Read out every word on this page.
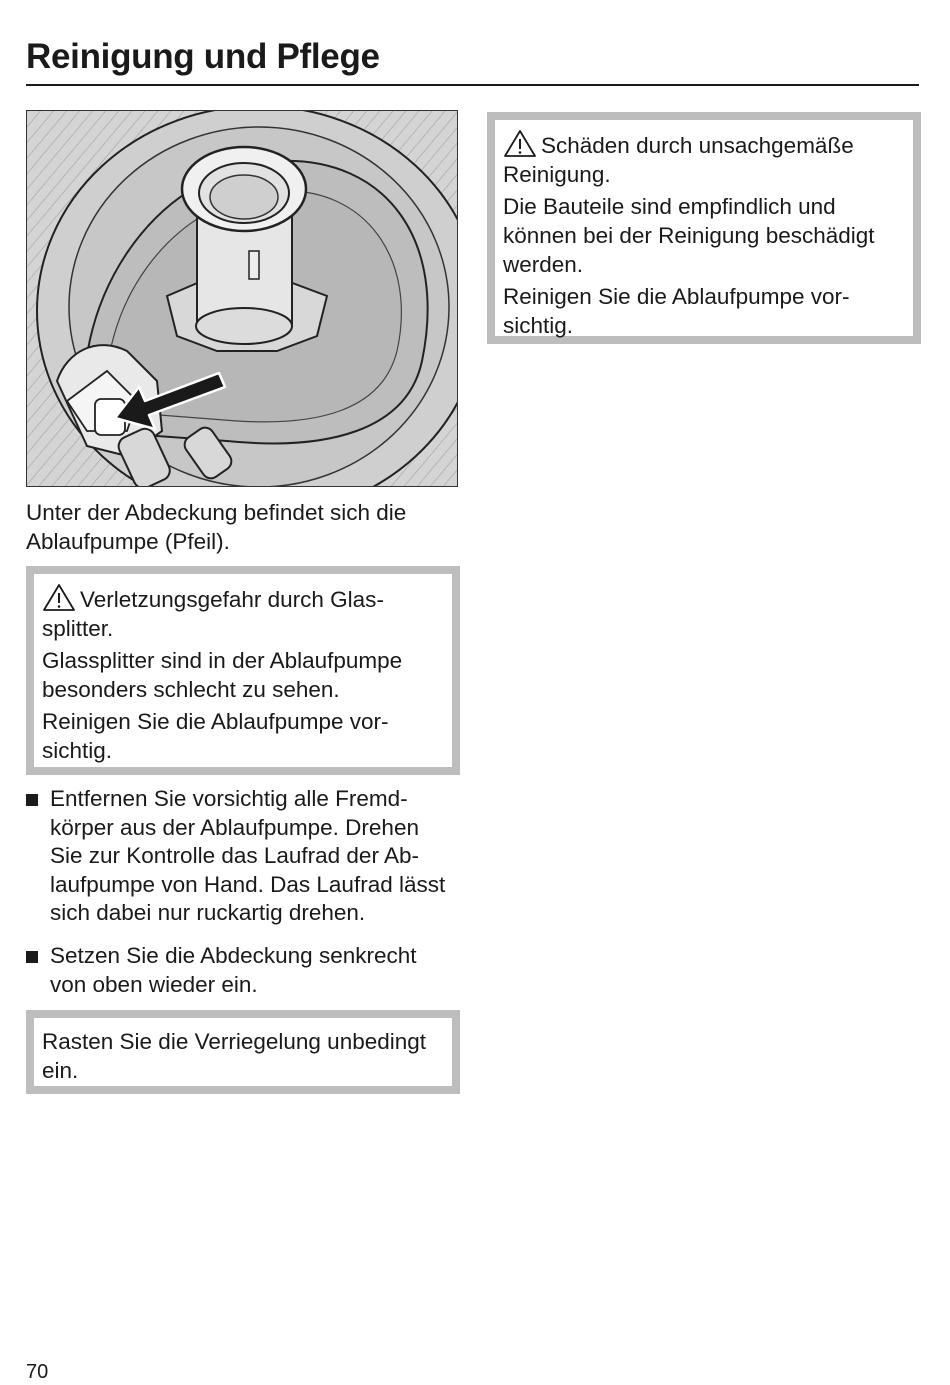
Reinigung und Pflege

Unter der Abdeckung befindet sich die Ablaufpumpe (Pfeil).

Verletzungsgefahr durch Glassplitter.

Glassplitter sind in der Ablaufpumpe besonders schlecht zu sehen.

Reinigen Sie die Ablaufpumpe vorsichtig.

Entfernen Sie vorsichtig alle Fremdkörper aus der Ablaufpumpe. Drehen Sie zur Kontrolle das Laufrad der Ablaufpumpe von Hand. Das Laufrad lässt sich dabei nur ruckartig drehen.
Setzen Sie die Abdeckung senkrecht von oben wieder ein.

Rasten Sie die Verriegelung unbedingt ein.

Schäden durch unsachgemäße Reinigung.

Die Bauteile sind empfindlich und können bei der Reinigung beschädigt werden.

Reinigen Sie die Ablaufpumpe vorsichtig.

70
